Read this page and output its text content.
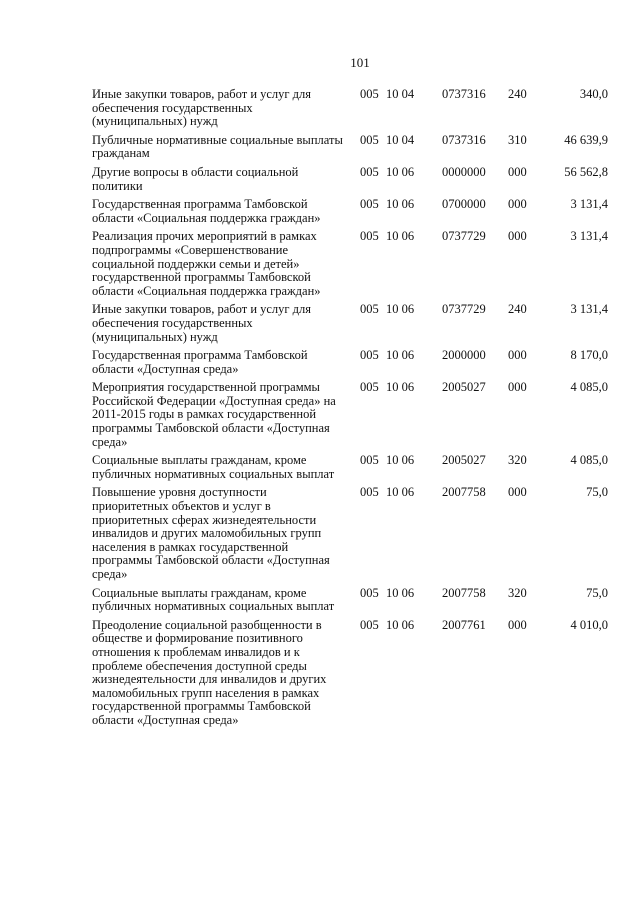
101
Иные закупки товаров, работ и услуг для обеспечения государственных (муниципальных) нужд	005	10 04	0737316	240	340,0
Публичные нормативные социальные выплаты гражданам	005	10 04	0737316	310	46 639,9
Другие вопросы в области социальной политики	005	10 06	0000000	000	56 562,8
Государственная программа Тамбовской области «Социальная поддержка граждан»	005	10 06	0700000	000	3 131,4
Реализация прочих мероприятий в рамках подпрограммы «Совершенствование социальной поддержки семьи и детей» государственной программы Тамбовской области «Социальная поддержка граждан»	005	10 06	0737729	000	3 131,4
Иные закупки товаров, работ и услуг для обеспечения государственных (муниципальных) нужд	005	10 06	0737729	240	3 131,4
Государственная программа Тамбовской области «Доступная среда»	005	10 06	2000000	000	8 170,0
Мероприятия государственной программы Российской Федерации «Доступная среда» на 2011-2015 годы в рамках государственной программы Тамбовской области «Доступная среда»	005	10 06	2005027	000	4 085,0
Социальные выплаты гражданам, кроме публичных нормативных социальных выплат	005	10 06	2005027	320	4 085,0
Повышение уровня доступности приоритетных объектов и услуг в приоритетных сферах жизнедеятельности инвалидов и других маломобильных групп населения в рамках государственной программы Тамбовской области «Доступная среда»	005	10 06	2007758	000	75,0
Социальные выплаты гражданам, кроме публичных нормативных социальных выплат	005	10 06	2007758	320	75,0
Преодоление социальной разобщенности в обществе и формирование позитивного отношения к проблемам инвалидов и к проблеме обеспечения доступной среды жизнедеятельности для инвалидов и других маломобильных групп населения в рамках государственной программы Тамбовской области «Доступная среда»	005	10 06	2007761	000	4 010,0
